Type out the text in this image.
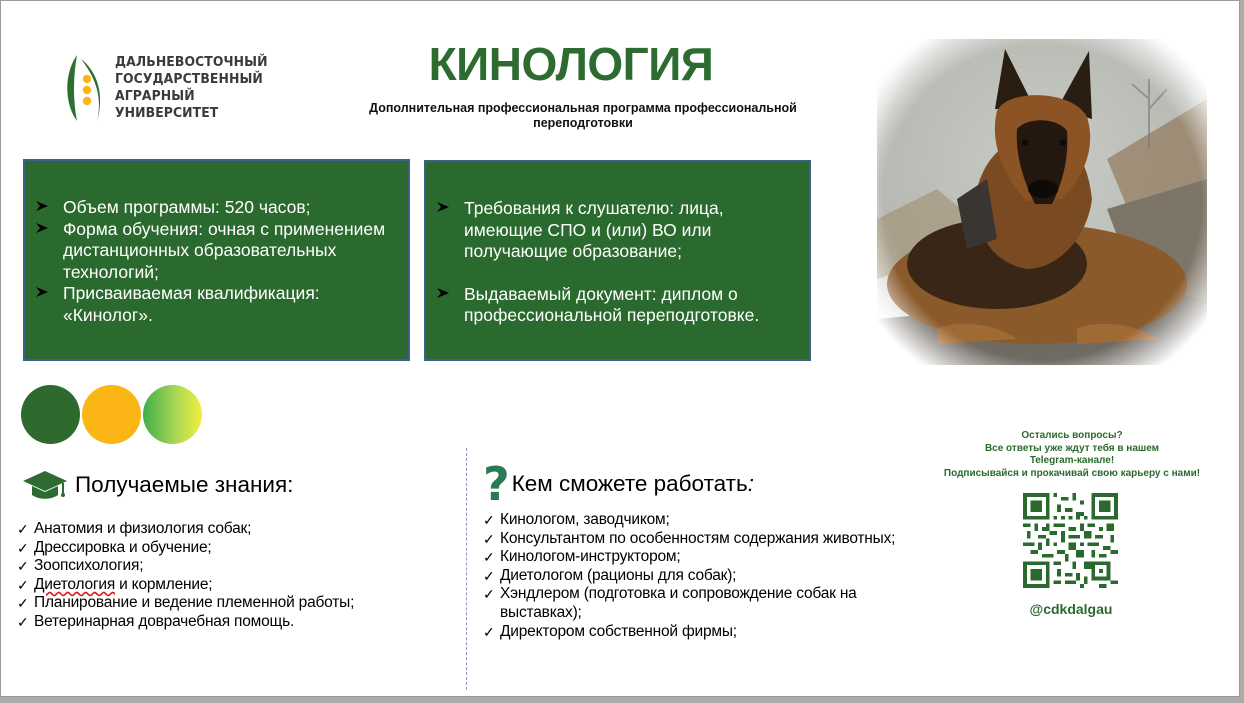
ДАЛЬНЕВОСТОЧНЫЙ
ГОСУДАРСТВЕННЫЙ
АГРАРНЫЙ
УНИВЕРСИТЕТ
КИНОЛОГИЯ
Дополнительная профессиональная программа профессиональной переподготовки
Объем программы: 520 часов;
Форма обучения: очная с применением дистанционных образовательных технологий;
Присваиваемая квалификация: «Кинолог».
Требования к слушателю: лица, имеющие СПО и (или) ВО или получающие образование;
Выдаваемый документ: диплом о профессиональной переподготовке.
Получаемые знания:
✓ Анатомия и физиология собак;
✓ Дрессировка и обучение;
✓ Зоопсихология;
✓ Диетология и кормление;
✓ Планирование и ведение племенной работы;
✓ Ветеринарная доврачебная помощь.
? Кем сможете работать :
✓ Кинологом, заводчиком;
✓ Консультантом по особенностям содержания животных;
✓ Кинологом-инструктором;
✓ Диетологом (рационы для собак);
✓ Хэндлером (подготовка и сопровождение собак на выставках);
✓ Директором собственной фирмы;
Остались вопросы?
Все ответы уже ждут тебя в нашем
Telegram-канале!
Подписывайся и прокачивай свою карьеру с нами!
@cdkdalgau
